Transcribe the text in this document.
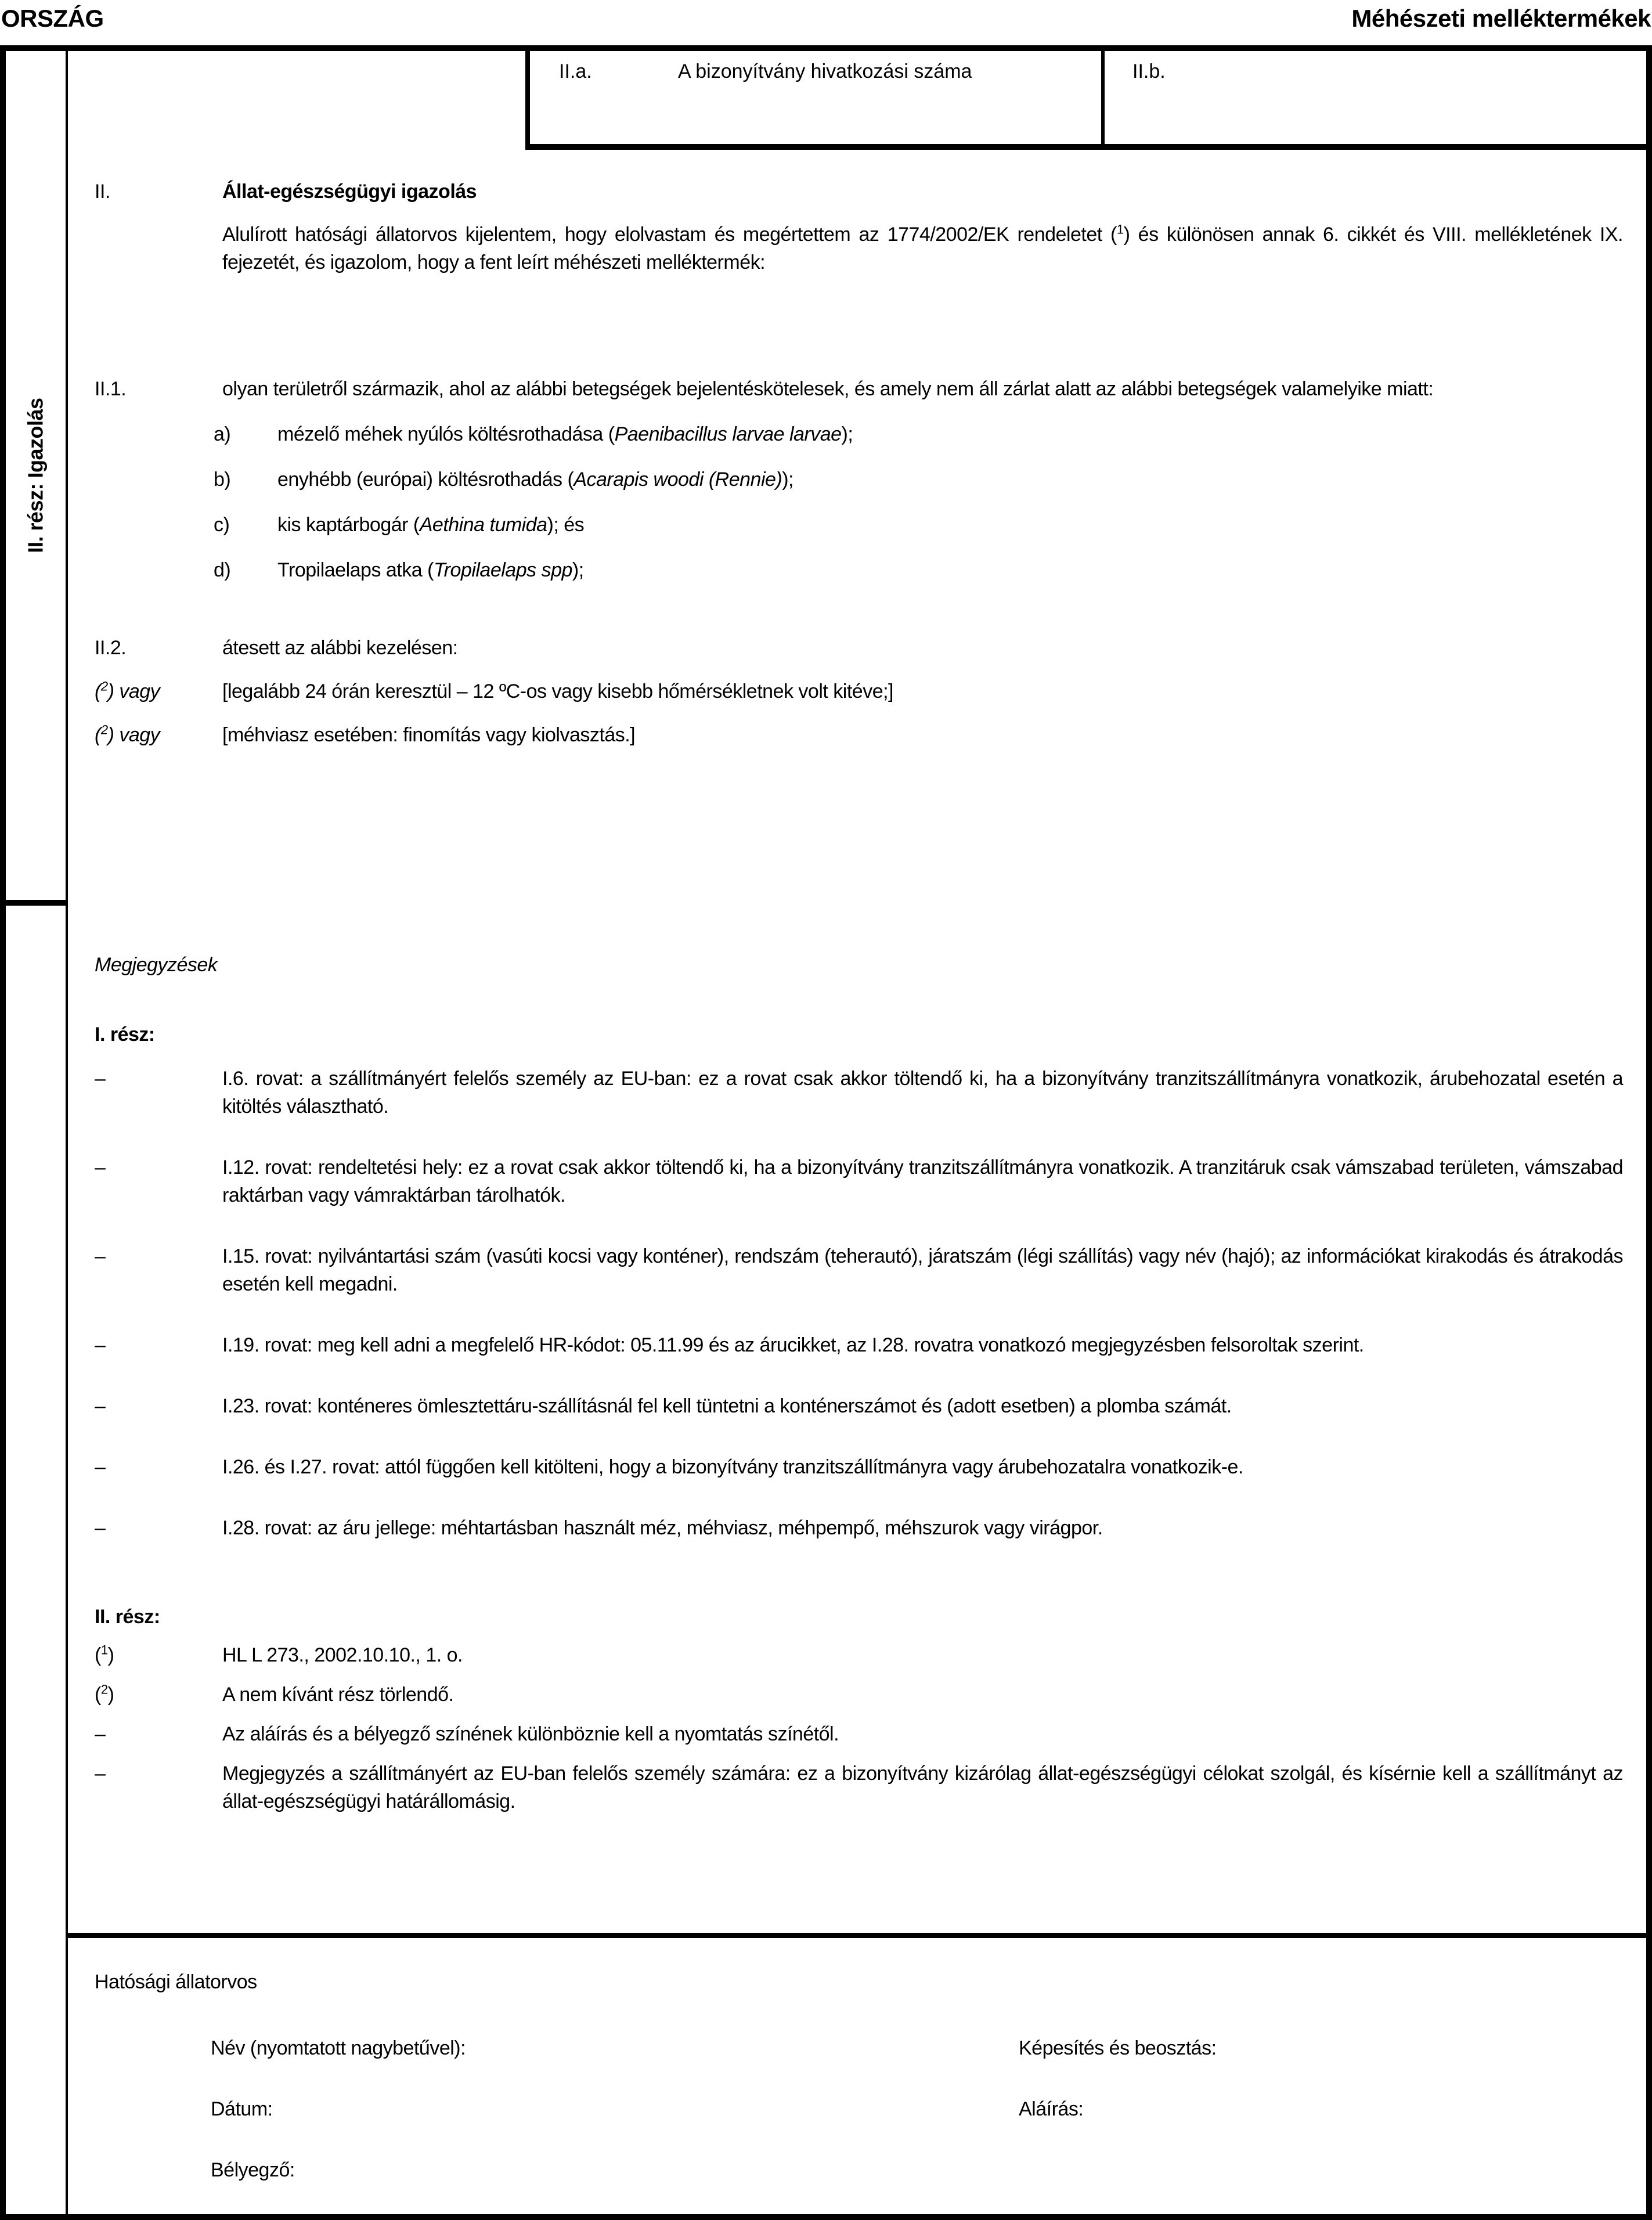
ORSZÁG	Méhészeti melléktermékek
II. rész: Igazolás
II.a.	A bizonyítvány hivatkozási száma	II.b.
II.	Állat-egészségügyi igazolás

Alulírott hatósági állatorvos kijelentem, hogy elolvastam és megértettem az 1774/2002/EK rendeletet ($^1$) és különösen annak 6. cikkét és VIII. mellékletének IX. fejezetét, és igazolom, hogy a fent leírt méhészeti melléktermék:

II.1.	olyan területről származik, ahol az alábbi betegségek bejelentéskötelesek, és amely nem áll zárlat alatt az alábbi betegségek valamelyike miatt:
a)	mézelő méhek nyúlós költésrothadása (Paenibacillus larvae larvae);
b)	enyhébb (európai) költésrothadás (Acarapis woodi (Rennie));
c)	kis kaptárbogár (Aethina tumida); és
d)	Tropilaelaps atka (Tropilaelaps spp);
II.2.	átesett az alábbi kezelésen:
($^2$) vagy	[legalább 24 órán keresztül – 12 ºC-os vagy kisebb hőmérsékletnek volt kitéve;]
($^2$) vagy	[méhviasz esetében: finomítás vagy kiolvasztás.]

Megjegyzések

I. rész:

–	I.6. rovat: a szállítmányért felelős személy az EU-ban: ez a rovat csak akkor töltendő ki, ha a bizonyítvány tranzitszállítmányra vonatkozik, árubehozatal esetén a kitöltés választható.
–	I.12. rovat: rendeltetési hely: ez a rovat csak akkor töltendő ki, ha a bizonyítvány tranzitszállítmányra vonatkozik. A tranzitáruk csak vámszabad területen, vámszabad raktárban vagy vámraktárban tárolhatók.
–	I.15. rovat: nyilvántartási szám (vasúti kocsi vagy konténer), rendszám (teherautó), járatszám (légi szállítás) vagy név (hajó); az információkat kirakodás és átrakodás esetén kell megadni.
–	I.19. rovat: meg kell adni a megfelelő HR-kódot: 05.11.99 és az árucikket, az I.28. rovatra vonatkozó megjegyzésben felsoroltak szerint.
–	I.23. rovat: konténeres ömlesztettáru-szállításnál fel kell tüntetni a konténerszámot és (adott esetben) a plomba számát.
–	I.26. és I.27. rovat: attól függően kell kitölteni, hogy a bizonyítvány tranzitszállítmányra vagy árubehozatalra vonatkozik-e.
–	I.28. rovat: az áru jellege: méhtartásban használt méz, méhviasz, méhpempő, méhszurok vagy virágpor.

II. rész:

($^1$)	HL L 273., 2002.10.10., 1. o.
($^2$)	A nem kívánt rész törlendő.
–	Az aláírás és a bélyegző színének különböznie kell a nyomtatás színétől.
–	Megjegyzés a szállítmányért az EU-ban felelős személy számára: ez a bizonyítvány kizárólag állat-egészségügyi célokat szolgál, és kísérnie kell a szállítmányt az állat-egészségügyi határállomásig.
Hatósági állatorvos
Név (nyomtatott nagybetűvel):	Képesítés és beosztás:
Dátum:	Aláírás:
Bélyegző:
